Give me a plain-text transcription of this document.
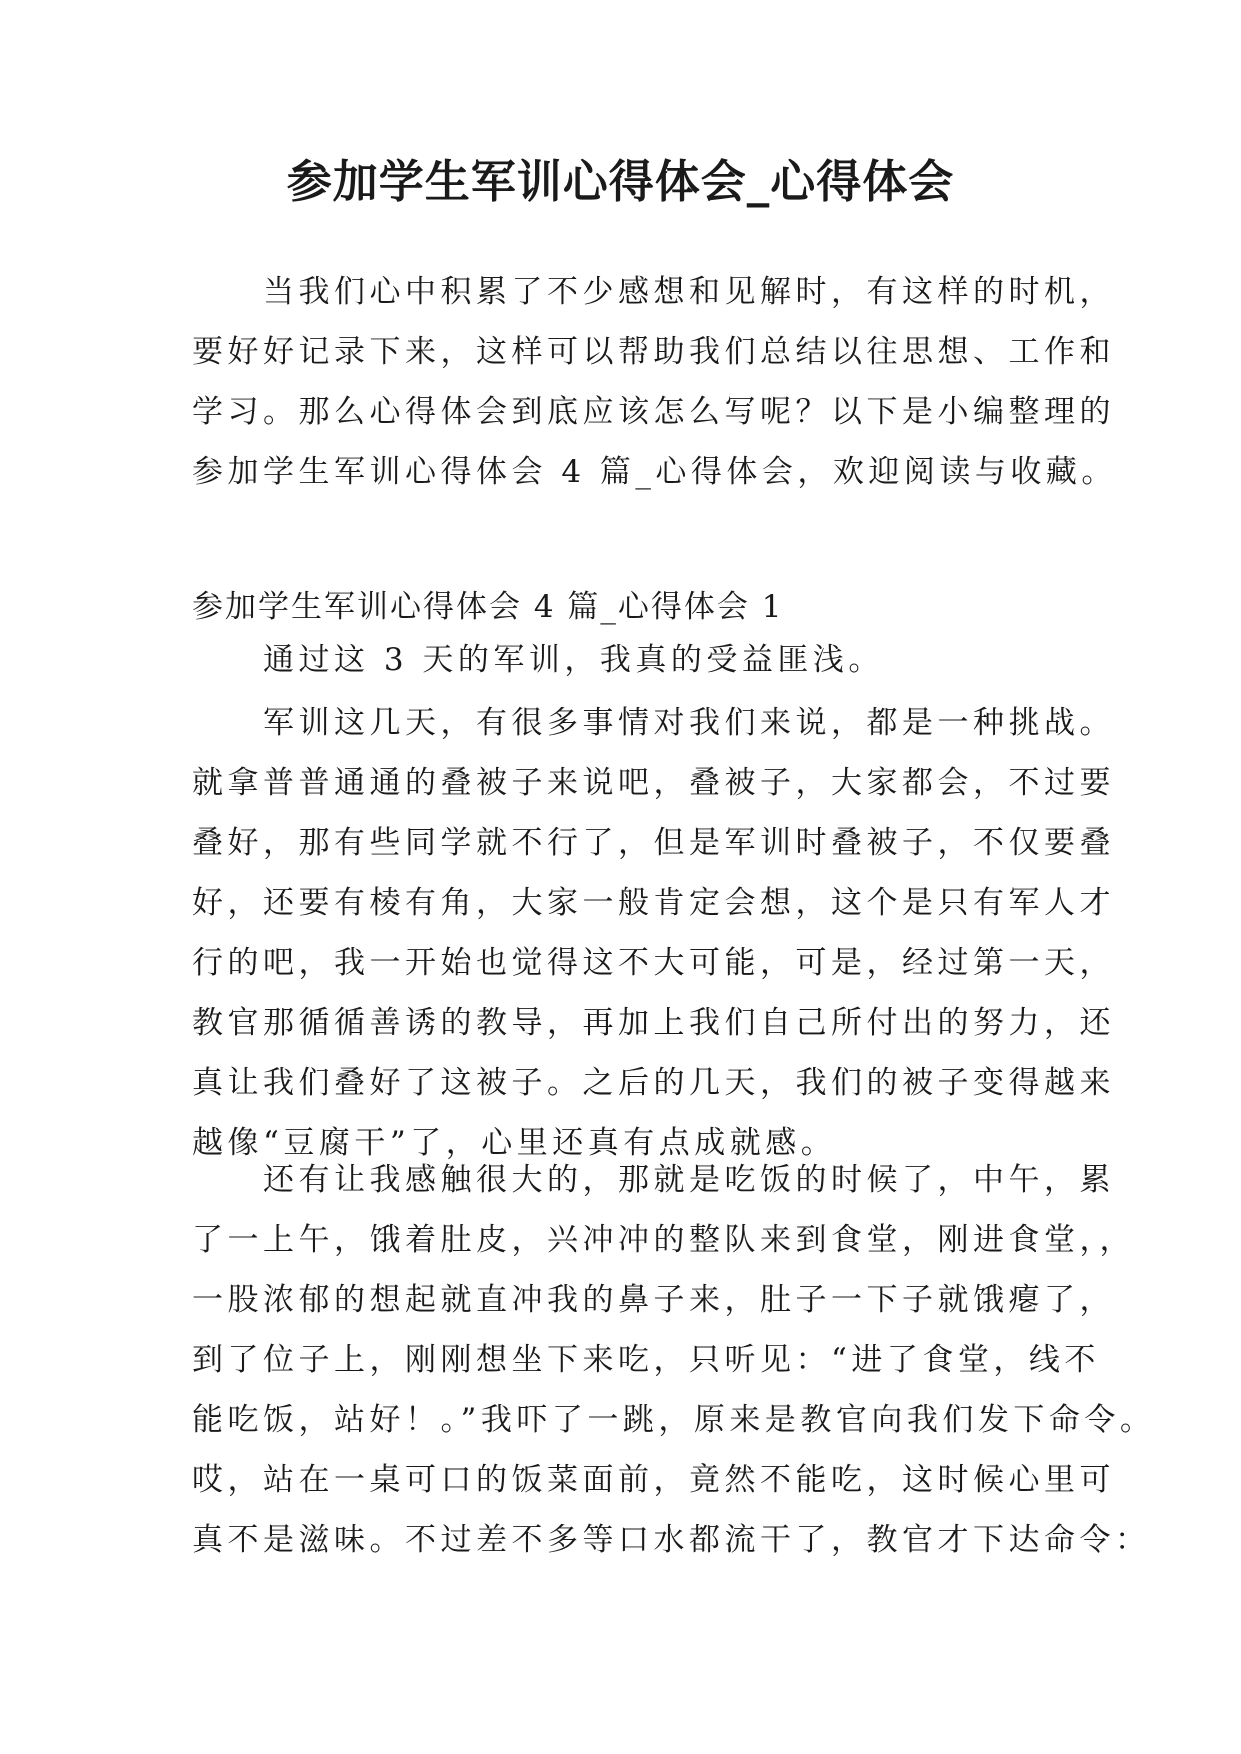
参加学生军训心得体会_心得体会
　　当我们心中积累了不少感想和见解时，有这样的时机，
要好好记录下来，这样可以帮助我们总结以往思想、工作和
学习。那么心得体会到底应该怎么写呢？以下是小编整理的
参加学生军训心得体会 4 篇_心得体会，欢迎阅读与收藏。
参加学生军训心得体会 4 篇_心得体会 1
　　通过这 3 天的军训，我真的受益匪浅。
　　军训这几天，有很多事情对我们来说，都是一种挑战。
就拿普普通通的叠被子来说吧，叠被子，大家都会，不过要
叠好，那有些同学就不行了，但是军训时叠被子，不仅要叠
好，还要有棱有角，大家一般肯定会想，这个是只有军人才
行的吧，我一开始也觉得这不大可能，可是，经过第一天，
教官那循循善诱的教导，再加上我们自己所付出的努力，还
真让我们叠好了这被子。之后的几天，我们的被子变得越来
越像“豆腐干”了，心里还真有点成就感。
　　还有让我感触很大的，那就是吃饭的时候了，中午，累
了一上午，饿着肚皮，兴冲冲的整队来到食堂，刚进食堂，，
一股浓郁的想起就直冲我的鼻子来，肚子一下子就饿瘪了，
到了位子上，刚刚想坐下来吃，只听见：“进了食堂，线不
能吃饭，站好！。”我吓了一跳，原来是教官向我们发下命令。
哎，站在一桌可口的饭菜面前，竟然不能吃，这时候心里可
真不是滋味。不过差不多等口水都流干了，教官才下达命令：
